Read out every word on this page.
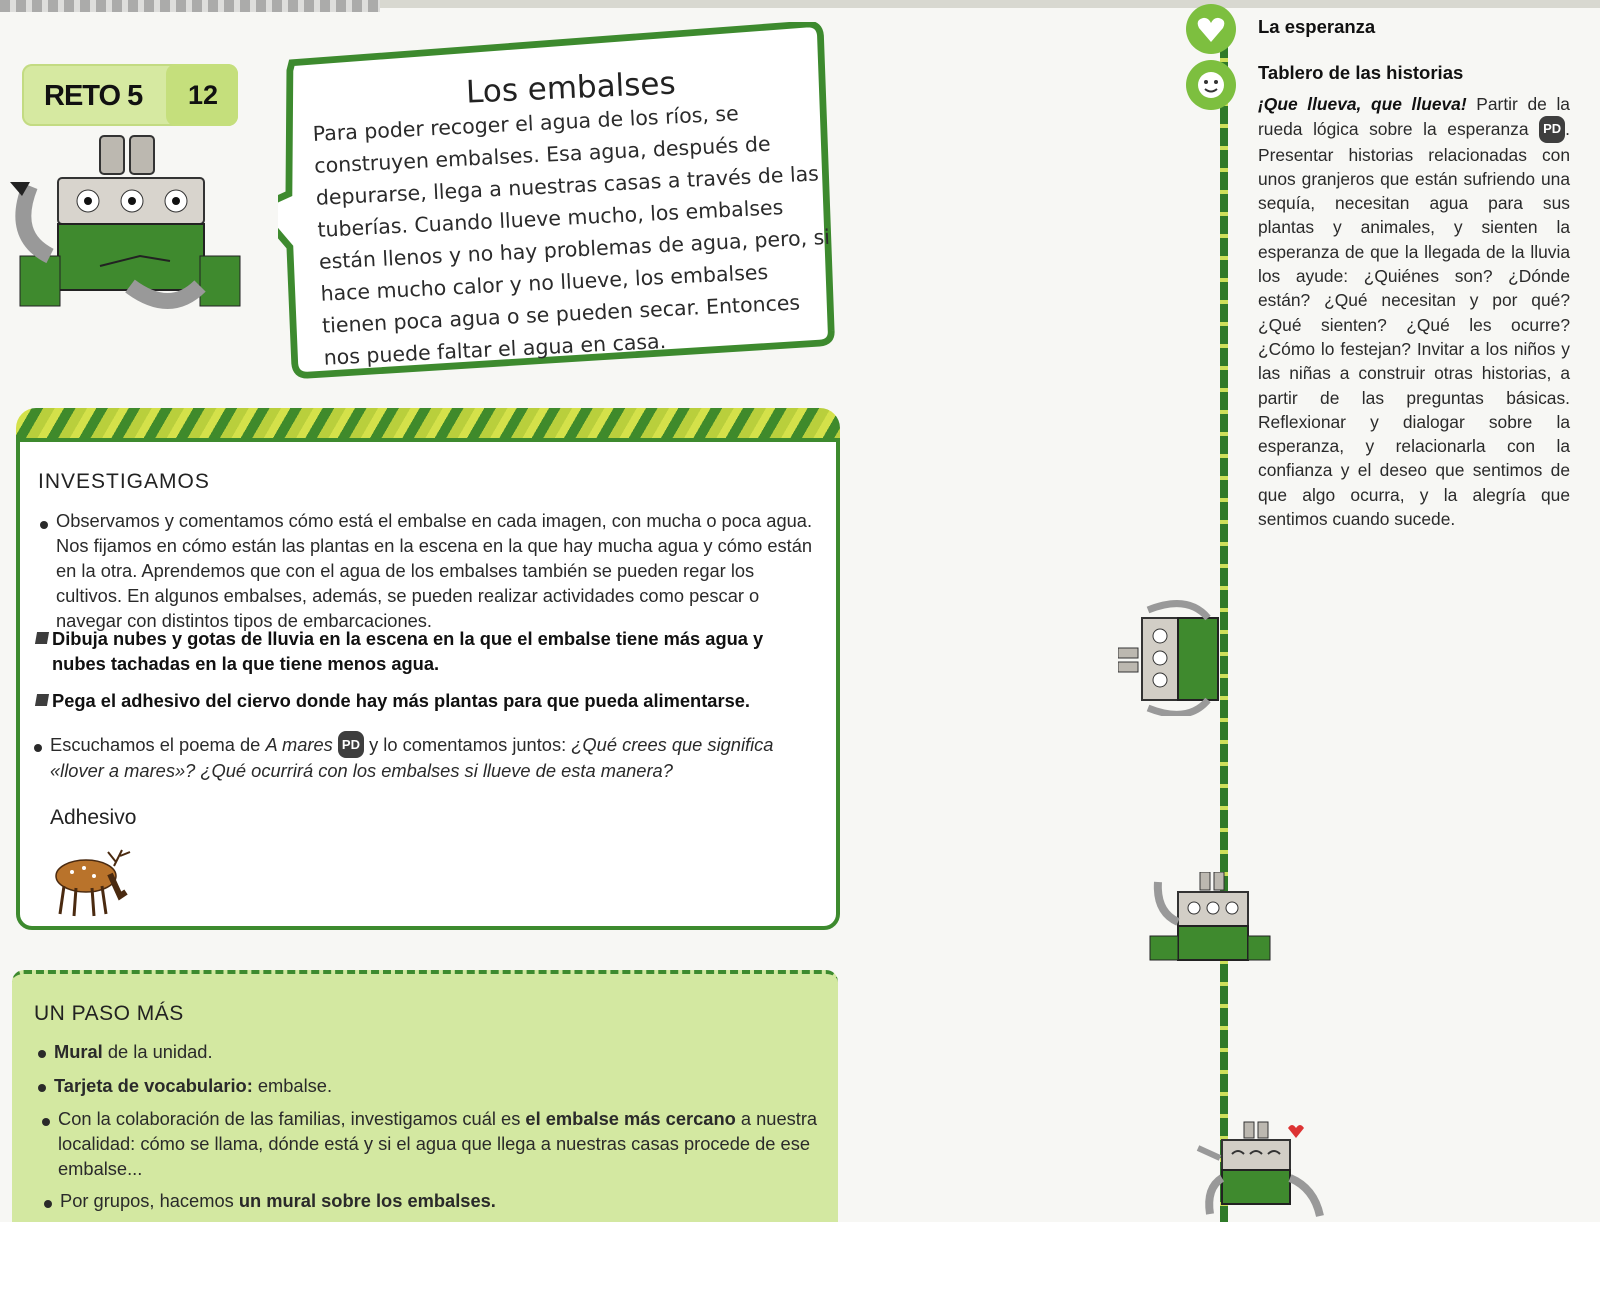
RETO 5 12	Los embalses
Para poder recoger el agua de los ríos, se construyen embalses. Esa agua, después de depurarse, llega a nuestras casas a través de las tuberías. Cuando llueve mucho, los embalses están llenos y no hay problemas de agua, pero, si hace mucho calor y no llueve, los embalses tienen poca agua o se pueden secar. Entonces nos puede faltar el agua en casa.
INVESTIGAMOS
Observamos y comentamos cómo está el embalse en cada imagen, con mucha o poca agua. Nos fijamos en cómo están las plantas en la escena en la que hay mucha agua y cómo están en la otra. Aprendemos que con el agua de los embalses también se pueden regar los cultivos. En algunos embalses, además, se pueden realizar actividades como pescar o navegar con distintos tipos de embarcaciones.
Dibuja nubes y gotas de lluvia en la escena en la que el embalse tiene más agua y nubes tachadas en la que tiene menos agua.
Pega el adhesivo del ciervo donde hay más plantas para que pueda alimentarse.
Escuchamos el poema de A mares PD y lo comentamos juntos: ¿Qué crees que significa «llover a mares»? ¿Qué ocurrirá con los embalses si llueve de esta manera?
Adhesivo
UN PASO MÁS
Mural de la unidad.
Tarjeta de vocabulario: embalse.
Con la colaboración de las familias, investigamos cuál es el embalse más cercano a nuestra localidad: cómo se llama, dónde está y si el agua que llega a nuestras casas procede de ese embalse...
Por grupos, hacemos un mural sobre los embalses.
La esperanza
Tablero de las historias
¡Que llueva, que llueva! Partir de la rueda lógica sobre la esperanza PD . Presentar historias relacionadas con unos granjeros que están sufriendo una sequía, necesitan agua para sus plantas y animales, y sienten la esperanza de que la llegada de la lluvia los ayude: ¿Quiénes son? ¿Dónde están? ¿Qué necesitan y por qué? ¿Qué sienten? ¿Qué les ocurre? ¿Cómo lo festejan? Invitar a los niños y las niñas a construir otras historias, a partir de las preguntas básicas. Reflexionar y dialogar sobre la esperanza, y relacionarla con la confianza y el deseo que sentimos de que algo ocurra, y la alegría que sentimos cuando sucede.
